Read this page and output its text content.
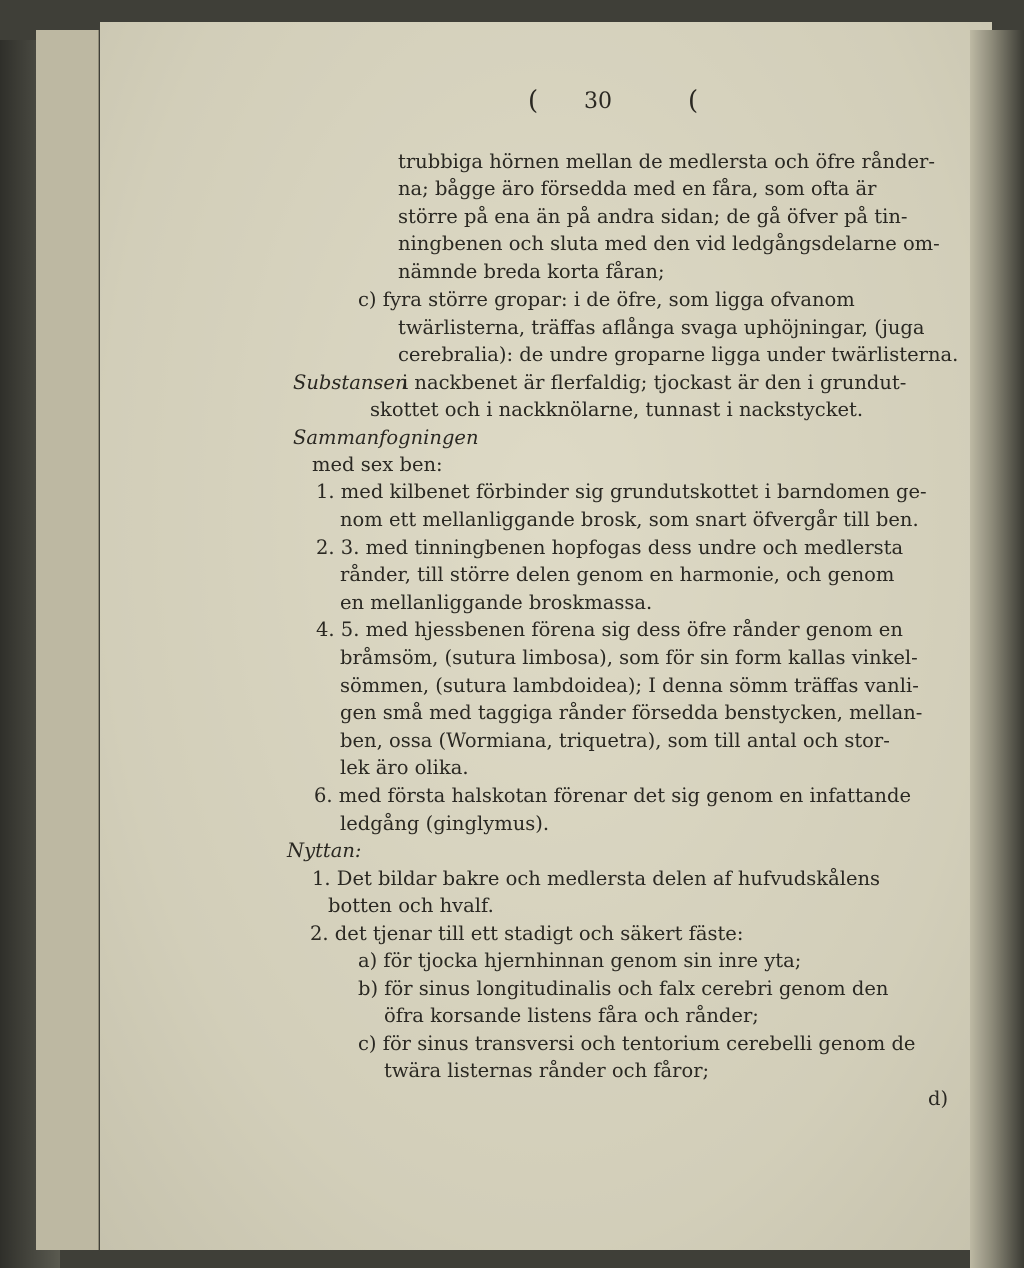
( 30	(
trubbiga hörnen mellan de medlersta och öfre rånder-
na; bågge äro försedda med en fåra, som ofta är
större på ena än på andra sidan; de gå öfver på tin-
ningbenen och sluta med den vid ledgångsdelarne om-
nämnde breda korta fåran;
c) fyra större gropar: i de öfre, som ligga ofvanom
twärlisterna, träffas aflånga svaga uphöjningar, (juga
cerebralia): de undre groparne ligga under twärlisterna.
Substansen
i nackbenet är flerfaldig; tjockast är den i grundut-
skottet och i nackknölarne, tunnast i nackstycket.
Sammanfogningen
med sex ben:
1. med kilbenet förbinder sig grundutskottet i barndomen ge-
nom ett mellanliggande brosk, som snart öfvergår till ben.
2. 3. med tinningbenen hopfogas dess undre och medlersta
rånder, till större delen genom en harmonie, och genom
en mellanliggande broskmassa.
4. 5. med hjessbenen förena sig dess öfre rånder genom en
bråmsöm, (sutura limbosa), som för sin form kallas vinkel-
sömmen, (sutura lambdoidea); I denna sömm träffas vanli-
gen små med taggiga rånder försedda benstycken, mellan-
ben, ossa (Wormiana, triquetra), som till antal och stor-
lek äro olika.
6. med första halskotan förenar det sig genom en infattande
ledgång (ginglymus).
Nyttan:
1. Det bildar bakre och medlersta delen af hufvudskålens
botten och hvalf.
2. det tjenar till ett stadigt och säkert fäste:
a) för tjocka hjernhinnan genom sin inre yta;
b) för sinus longitudinalis och falx cerebri genom den
öfra korsande listens fåra och rånder;
c) för sinus transversi och tentorium cerebelli genom de
twära listernas rånder och fåror;
d)
